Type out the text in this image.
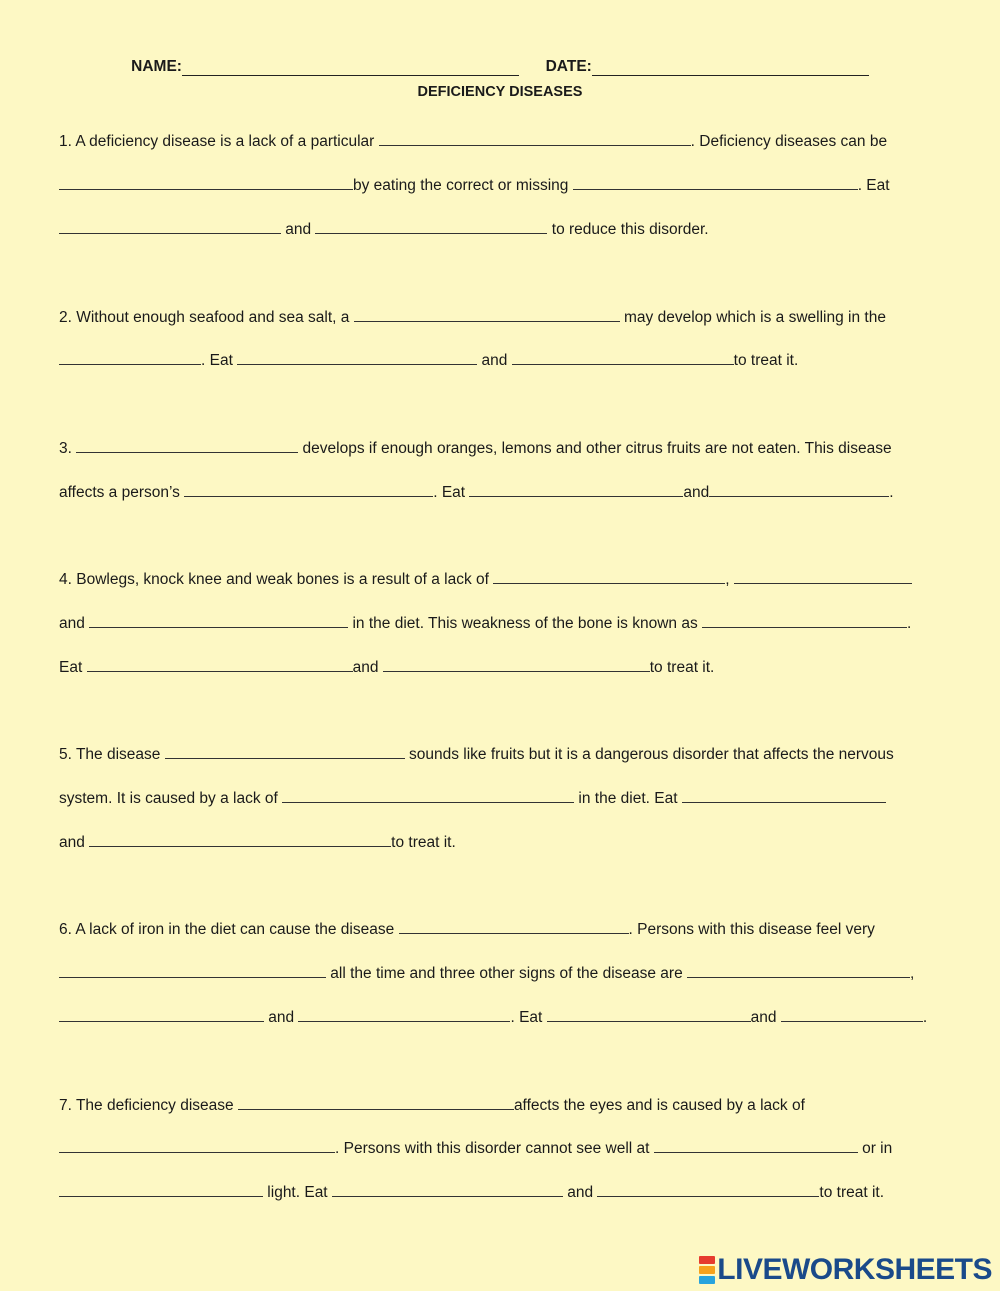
NAME:	DATE:
DEFICIENCY DISEASES
1. A deficiency disease is a lack of a particular	. Deficiency diseases can be
by eating the correct or missing	. Eat
and	to reduce this disorder.
2. Without enough seafood and sea salt, a	may develop which is a swelling in the
. Eat	and	to treat it.
3.	develops if enough oranges, lemons and other citrus fruits are not eaten. This disease
affects a person’s	. Eat	and	.
4. Bowlegs, knock knee and weak bones is a result of a lack of	,
and	in the diet. This weakness of the bone is known as	.
Eat	and	to treat it.
5. The disease	sounds like fruits but it is a dangerous disorder that affects the nervous
system. It is caused by a lack of	in the diet. Eat
and	to treat it.
6. A lack of iron in the diet can cause the disease	. Persons with this disease feel very
all the time and three other signs of the disease are	,
and	. Eat	and	.
7. The deficiency disease	affects the eyes and is caused by a lack of
. Persons with this disorder cannot see well at	or in
light. Eat	and	to treat it.
LIVEWORKSHEETS
